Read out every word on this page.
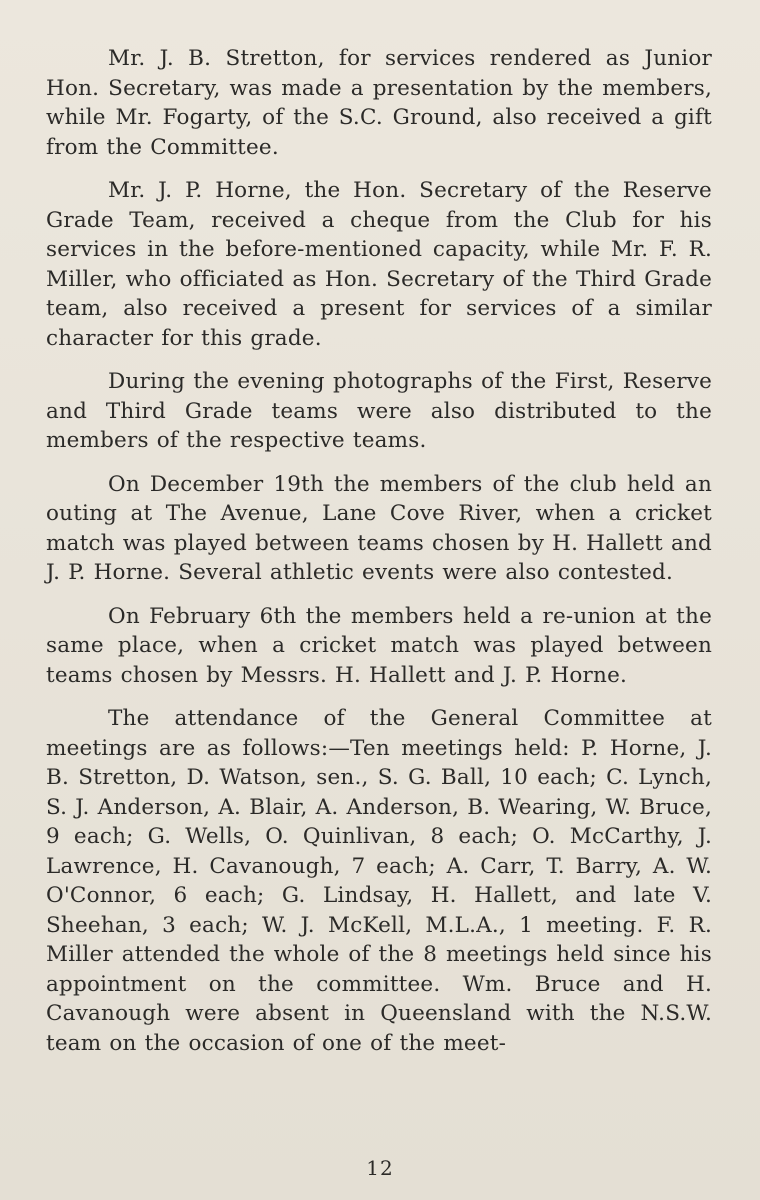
Mr. J. B. Stretton, for services rendered as Junior Hon. Secretary, was made a presentation by the members, while Mr. Fogarty, of the S.C. Ground, also received a gift from the Committee.

Mr. J. P. Horne, the Hon. Secretary of the Reserve Grade Team, received a cheque from the Club for his services in the before-mentioned capacity, while Mr. F. R. Miller, who officiated as Hon. Secretary of the Third Grade team, also received a present for services of a similar character for this grade.

During the evening photographs of the First, Reserve and Third Grade teams were also distributed to the members of the respective teams.

On December 19th the members of the club held an outing at The Avenue, Lane Cove River, when a cricket match was played between teams chosen by H. Hallett and J. P. Horne. Several athletic events were also contested.

On February 6th the members held a re-union at the same place, when a cricket match was played between teams chosen by Messrs. H. Hallett and J. P. Horne.

The attendance of the General Committee at meetings are as follows:—Ten meetings held: P. Horne, J. B. Stretton, D. Watson, sen., S. G. Ball, 10 each; C. Lynch, S. J. Anderson, A. Blair, A. Anderson, B. Wearing, W. Bruce, 9 each; G. Wells, O. Quinlivan, 8 each; O. McCarthy, J. Lawrence, H. Cavanough, 7 each; A. Carr, T. Barry, A. W. O'Connor, 6 each; G. Lindsay, H. Hallett, and late V. Sheehan, 3 each; W. J. McKell, M.L.A., 1 meeting. F. R. Miller attended the whole of the 8 meetings held since his appointment on the committee. Wm. Bruce and H. Cavanough were absent in Queensland with the N.S.W. team on the occasion of one of the meet-

12
